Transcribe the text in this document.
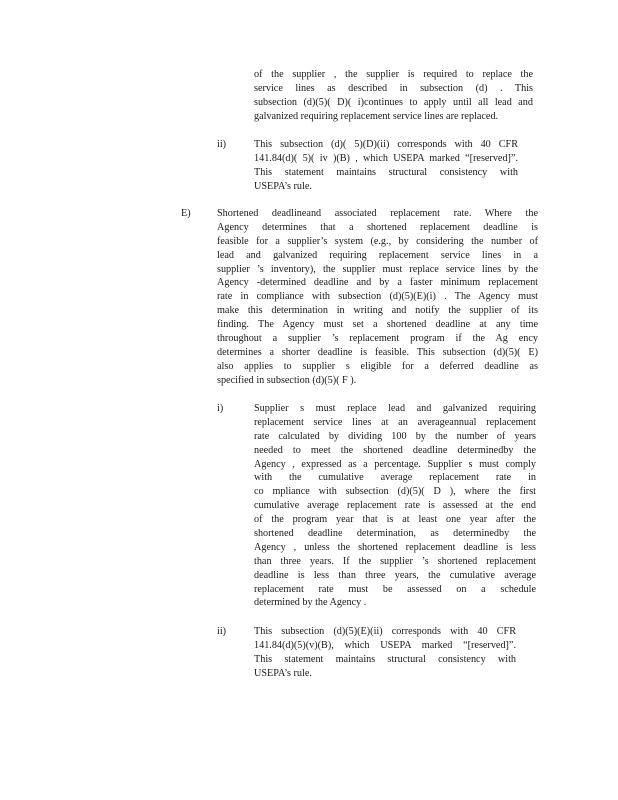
of the supplier , the supplier is required to replace the
service lines as described in subsection (d) . This
subsection (d)(5)( D)( i)continues to apply until all lead and
galvanized requiring replacement service lines are replaced.
ii)	This subsection (d)( 5)(D)(ii) corresponds with 40 CFR
141.84(d)( 5)( iv )(B) , which USEPA marked “[reserved]”.
This statement maintains structural consistency with
USEPA’s rule.
E)	Shortened deadlineand associated replacement rate. Where the
Agency determines that a shortened replacement deadline is
feasible for a supplier’s system (e.g., by considering the number of
lead and galvanized requiring replacement service lines in a
supplier ’s inventory), the supplier must replace service lines by the
Agency -determined deadline and by a faster minimum replacement
rate in compliance with subsection (d)(5)(E)(i) . The Agency must
make this determination in writing and notify the supplier of its
finding. The Agency must set a shortened deadline at any time
throughout a supplier ’s replacement program if the Ag ency
determines a shorter deadline is feasible. This subsection (d)(5)( E)
also applies to supplier s eligible for a deferred deadline as
specified in subsection (d)(5)( F ).
i)	Supplier s must replace lead and galvanized requiring
replacement service lines at an averageannual replacement
rate calculated by dividing 100 by the number of years
needed to meet the shortened deadline determinedby the
Agency , expressed as a percentage. Supplier s must comply
with the cumulative average replacement rate in
co mpliance with subsection (d)(5)( D ), where the first
cumulative average replacement rate is assessed at the end
of the program year that is at least one year after the
shortened deadline determination, as determinedby the
Agency , unless the shortened replacement deadline is less
than three years. If the supplier ’s shortened replacement
deadline is less than three years, the cumulative average
replacement rate must be assessed on a schedule
determined by the Agency .
ii)	This subsection (d)(5)(E)(ii) corresponds with 40 CFR
141.84(d)(5)(v)(B), which USEPA marked “[reserved]”.
This statement maintains structural consistency with
USEPA’s rule.
